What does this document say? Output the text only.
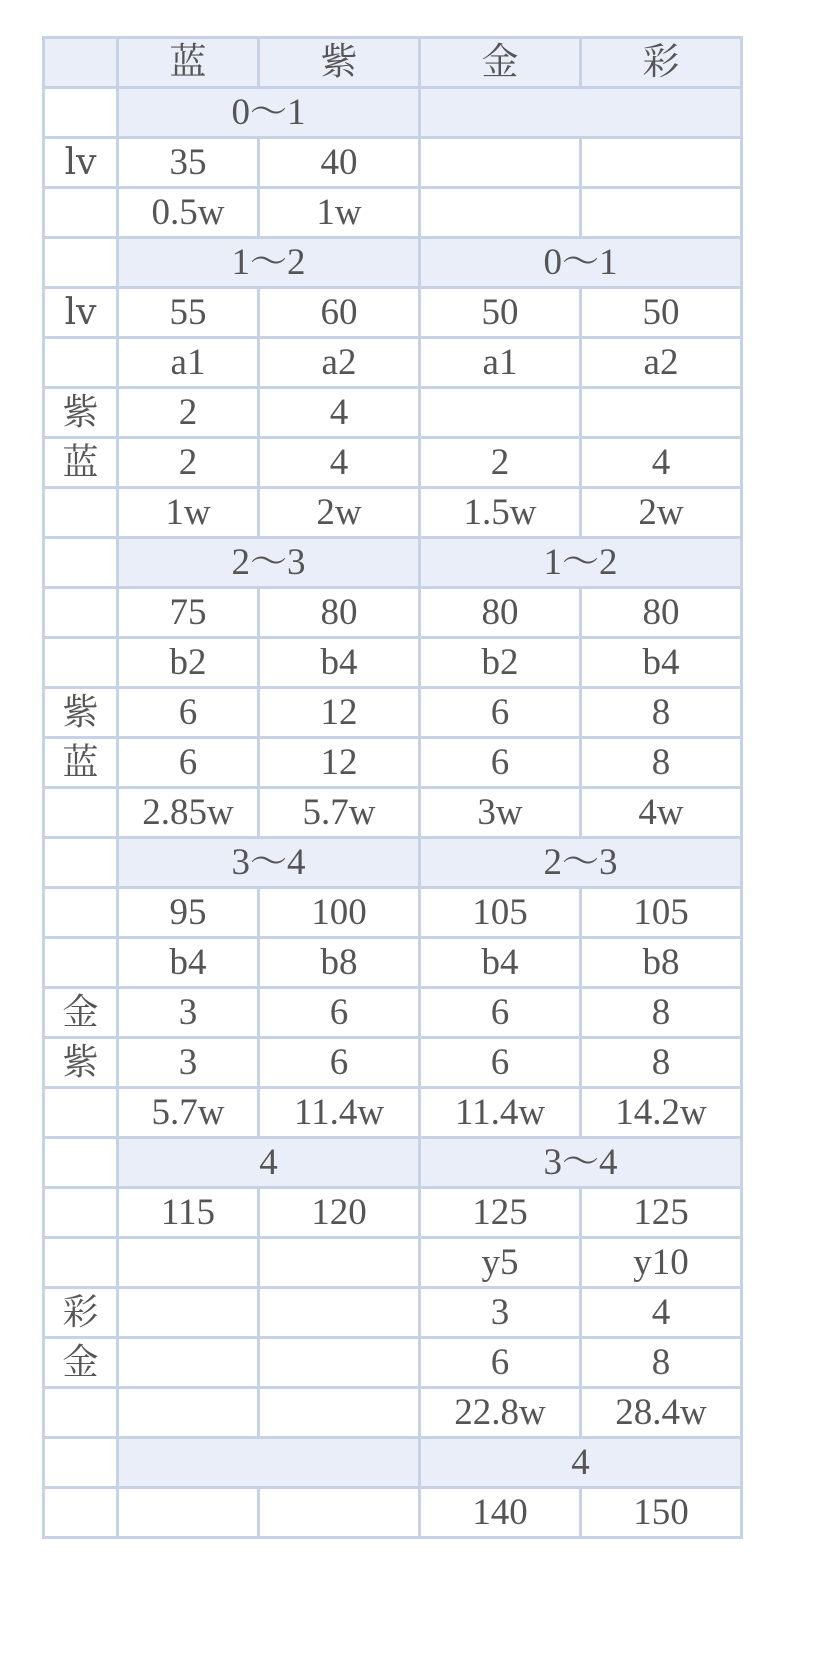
	蓝	紫	金	彩
	0～1			
lv	35	40		
	0.5w	1w		
	1～2		0～1	
lv	55	60	50	50
	a1	a2	a1	a2
紫	2	4		
蓝	2	4	2	4
	1w	2w	1.5w	2w
	2～3		1～2	
	75	80	80	80
	b2	b4	b2	b4
紫	6	12	6	8
蓝	6	12	6	8
	2.85w	5.7w	3w	4w
	3～4		2～3	
	95	100	105	105
	b4	b8	b4	b8
金	3	6	6	8
紫	3	6	6	8
	5.7w	11.4w	11.4w	14.2w
	4		3～4	
	115	120	125	125
			y5	y10
彩			3	4
金			6	8
			22.8w	28.4w
			4	
			140	150
